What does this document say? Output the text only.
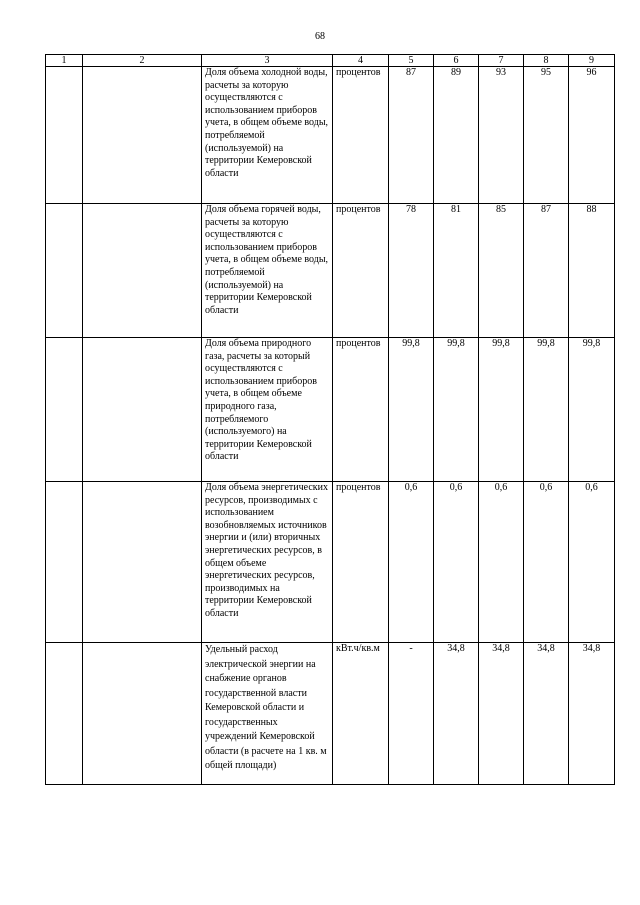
68
1	2	3	4	5	6	7	8	9
		Доля объема холодной воды, расчеты за которую осуществляются с использованием приборов учета, в общем объеме воды, потребляемой (используемой) на территории Кемеровской области	процентов	87	89	93	95	96
		Доля объема горячей воды, расчеты за которую осуществляются с использованием приборов учета, в общем объеме воды, потребляемой (используемой) на территории Кемеровской области	процентов	78	81	85	87	88
		Доля объема природного газа, расчеты за который осуществляются с использованием приборов учета, в общем объеме природного газа, потребляемого (используемого) на территории Кемеровской области	процентов	99,8	99,8	99,8	99,8	99,8
		Доля объема энергетических ресурсов, производимых с использованием возобновляемых источников энергии и (или) вторичных энергетических ресурсов, в общем объеме энергетических ресурсов, производимых на территории Кемеровской области	процентов	0,6	0,6	0,6	0,6	0,6
		Удельный расход электрической энергии на снабжение органов государственной власти Кемеровской области и государственных учреждений Кемеровской области (в расчете на 1 кв. м общей площади)	кВт.ч/кв.м	-	34,8	34,8	34,8	34,8
